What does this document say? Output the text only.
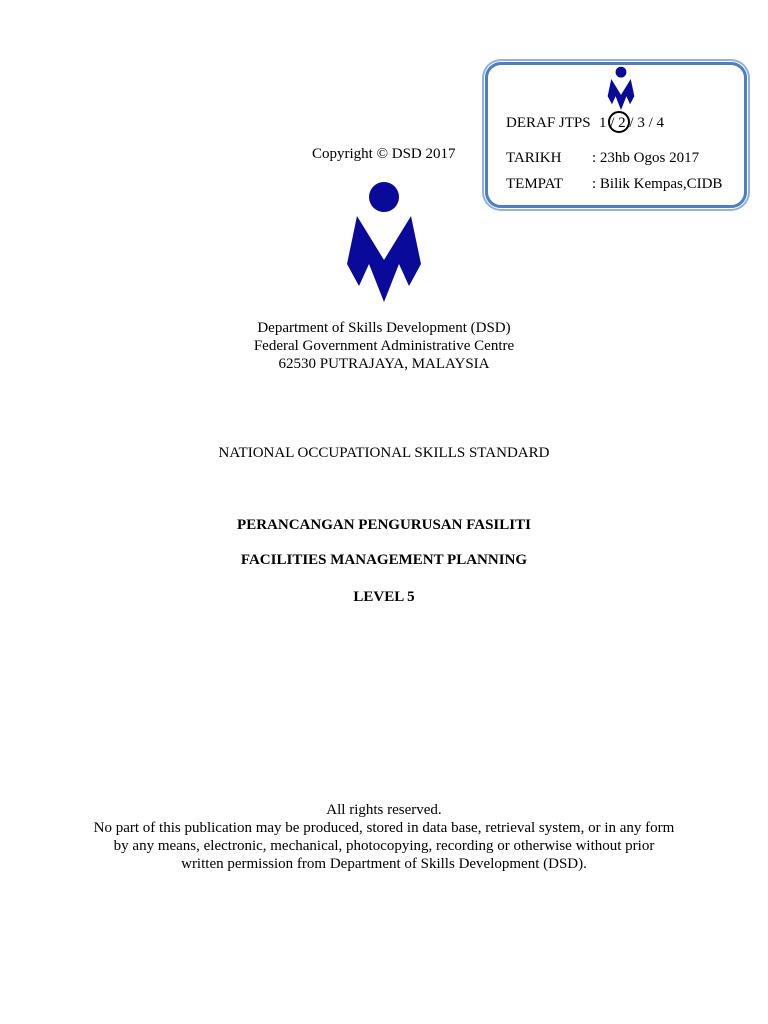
DERAF JTPS 1 / 2 / 3 / 4
TARIKH : 23hb Ogos 2017
TEMPAT : Bilik Kempas,CIDB
Copyright © DSD 2017
Department of Skills Development (DSD)
Federal Government Administrative Centre
62530 PUTRAJAYA, MALAYSIA
NATIONAL OCCUPATIONAL SKILLS STANDARD
PERANCANGAN PENGURUSAN FASILITI
FACILITIES MANAGEMENT PLANNING
LEVEL 5
All rights reserved.
No part of this publication may be produced, stored in data base, retrieval system, or in any form
by any means, electronic, mechanical, photocopying, recording or otherwise without prior
written permission from Department of Skills Development (DSD).
